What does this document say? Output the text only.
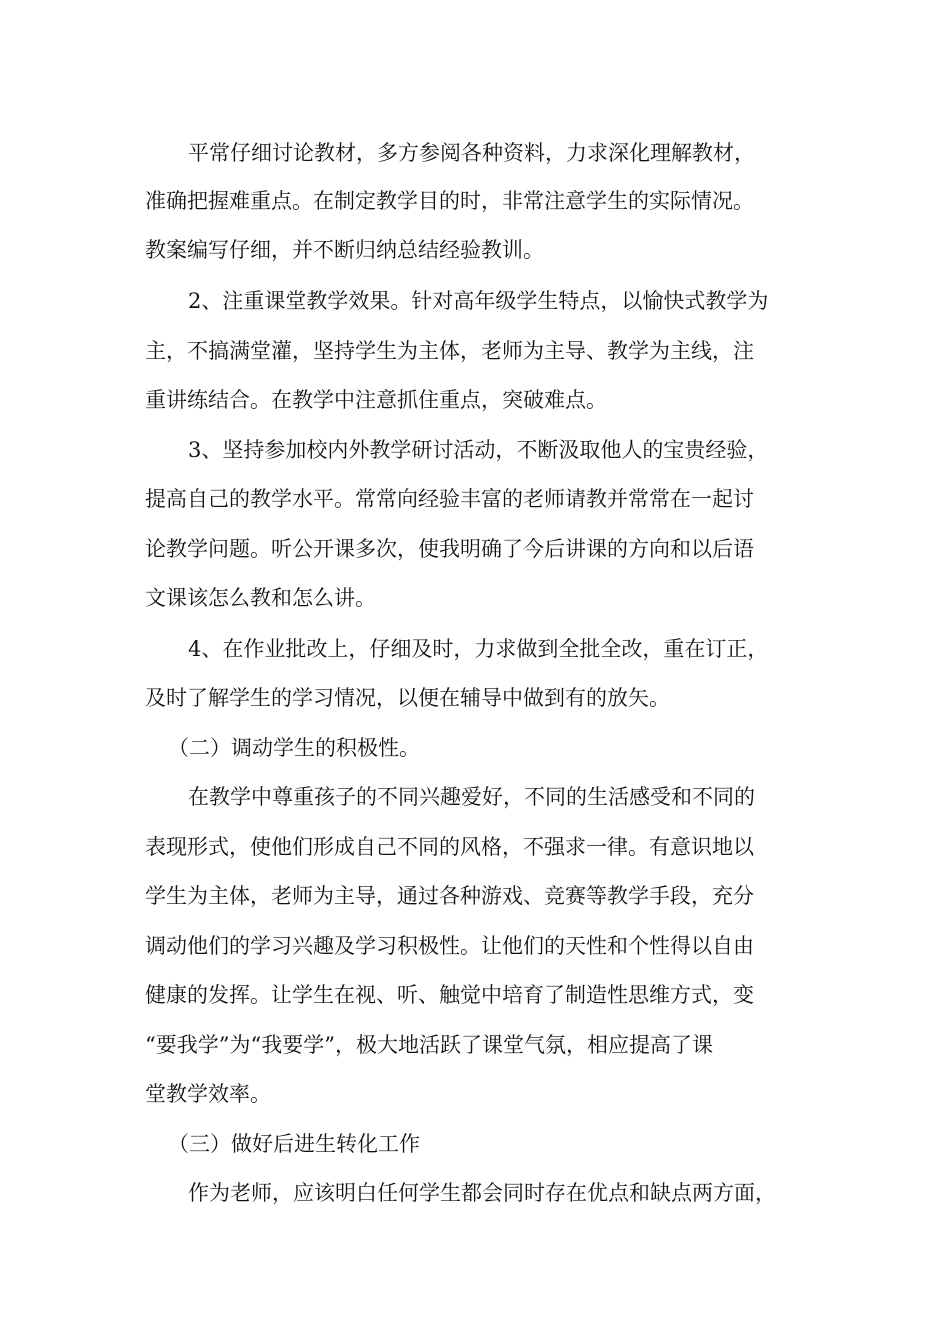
平常仔细讨论教材，多方参阅各种资料，力求深化理解教材，
准确把握难重点。在制定教学目的时，非常注意学生的实际情况。
教案编写仔细，并不断归纳总结经验教训。
2、注重课堂教学效果。针对高年级学生特点，以愉快式教学为
主，不搞满堂灌，坚持学生为主体，老师为主导、教学为主线，注
重讲练结合。在教学中注意抓住重点，突破难点。
3、坚持参加校内外教学研讨活动，不断汲取他人的宝贵经验，
提高自己的教学水平。常常向经验丰富的老师请教并常常在一起讨
论教学问题。听公开课多次，使我明确了今后讲课的方向和以后语
文课该怎么教和怎么讲。
4、在作业批改上，仔细及时，力求做到全批全改，重在订正，
及时了解学生的学习情况，以便在辅导中做到有的放矢。
（二）调动学生的积极性。
在教学中尊重孩子的不同兴趣爱好，不同的生活感受和不同的
表现形式，使他们形成自己不同的风格，不强求一律。有意识地以
学生为主体，老师为主导，通过各种游戏、竞赛等教学手段，充分
调动他们的学习兴趣及学习积极性。让他们的天性和个性得以自由
健康的发挥。让学生在视、听、触觉中培育了制造性思维方式，变
“要我学”为“我要学”，极大地活跃了课堂气氛，相应提高了课
堂教学效率。
（三）做好后进生转化工作
作为老师，应该明白任何学生都会同时存在优点和缺点两方面，
